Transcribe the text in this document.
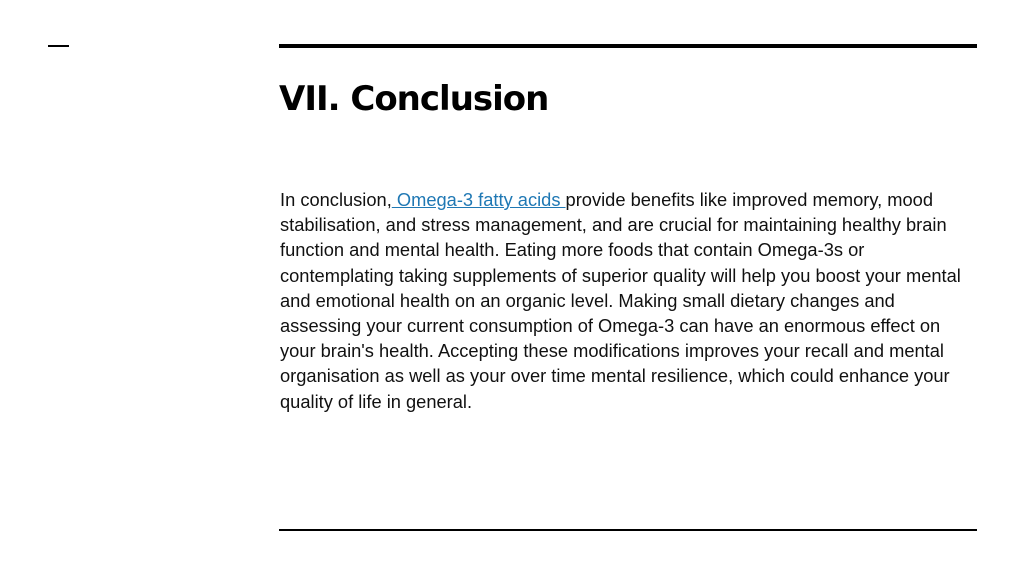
VII. Conclusion

In conclusion, Omega-3 fatty acids provide benefits like improved memory, mood stabilisation, and stress management, and are crucial for maintaining healthy brain function and mental health. Eating more foods that contain Omega-3s or contemplating taking supplements of superior quality will help you boost your mental and emotional health on an organic level. Making small dietary changes and assessing your current consumption of Omega-3 can have an enormous effect on your brain's health. Accepting these modifications improves your recall and mental organisation as well as your over time mental resilience, which could enhance your quality of life in general.
